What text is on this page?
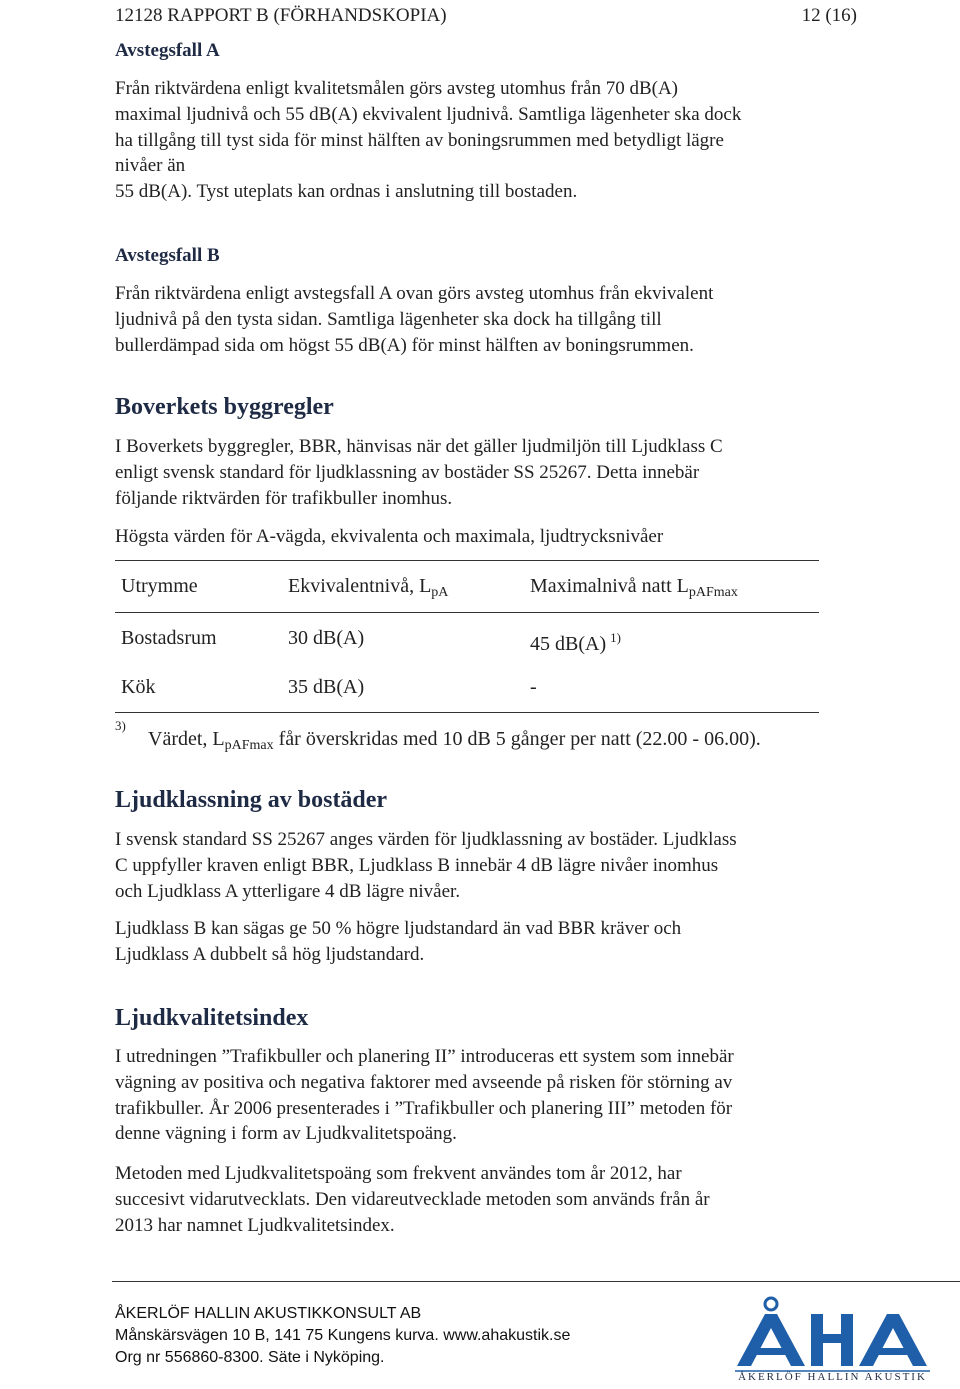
12128 RAPPORT B (FÖRHANDSKOPIA)	12 (16)
Avstegsfall A
Från riktvärdena enligt kvalitetsmålen görs avsteg utomhus från 70 dB(A)
maximal ljudnivå och 55 dB(A) ekvivalent ljudnivå. Samtliga lägenheter ska dock
ha tillgång till tyst sida för minst hälften av boningsrummen med betydligt lägre
nivåer än
55 dB(A). Tyst uteplats kan ordnas i anslutning till bostaden.
Avstegsfall B
Från riktvärdena enligt avstegsfall A ovan görs avsteg utomhus från ekvivalent
ljudnivå på den tysta sidan. Samtliga lägenheter ska dock ha tillgång till
bullerdämpad sida om högst 55 dB(A) för minst hälften av boningsrummen.
Boverkets byggregler
I Boverkets byggregler, BBR, hänvisas när det gäller ljudmiljön till Ljudklass C
enligt svensk standard för ljudklassning av bostäder SS 25267. Detta innebär
följande riktvärden för trafikbuller inomhus.
Högsta värden för A-vägda, ekvivalenta och maximala, ljudtrycksnivåer
Utrymme	Ekvivalentnivå, $L_{pA}$	Maximalnivå natt $L_{pAFmax}$
Bostadsrum	30 dB(A)	45 dB(A) $^{1)}$
Kök	35 dB(A)	-
3)
Värdet, $L_{pAFmax}$ får överskridas med 10 dB 5 gånger per natt (22.00 - 06.00).
Ljudklassning av bostäder
I svensk standard SS 25267 anges värden för ljudklassning av bostäder. Ljudklass
C uppfyller kraven enligt BBR, Ljudklass B innebär 4 dB lägre nivåer inomhus
och Ljudklass A ytterligare 4 dB lägre nivåer.
Ljudklass B kan sägas ge 50 % högre ljudstandard än vad BBR kräver och
Ljudklass A dubbelt så hög ljudstandard.
Ljudkvalitetsindex
I utredningen ”Trafikbuller och planering II” introduceras ett system som innebär
vägning av positiva och negativa faktorer med avseende på risken för störning av
trafikbuller. År 2006 presenterades i ”Trafikbuller och planering III” metoden för
denne vägning i form av Ljudkvalitetspoäng.
Metoden med Ljudkvalitetspoäng som frekvent användes tom år 2012, har
succesivt vidarutvecklats. Den vidareutvecklade metoden som används från år
2013 har namnet Ljudkvalitetsindex.
ÅKERLÖF HALLIN AKUSTIKKONSULT AB
Månskärsvägen 10 B, 141 75 Kungens kurva. www.ahakustik.se
Org nr 556860-8300. Säte i Nyköping.
ÅKERLÖF HALLIN AKUSTIK
